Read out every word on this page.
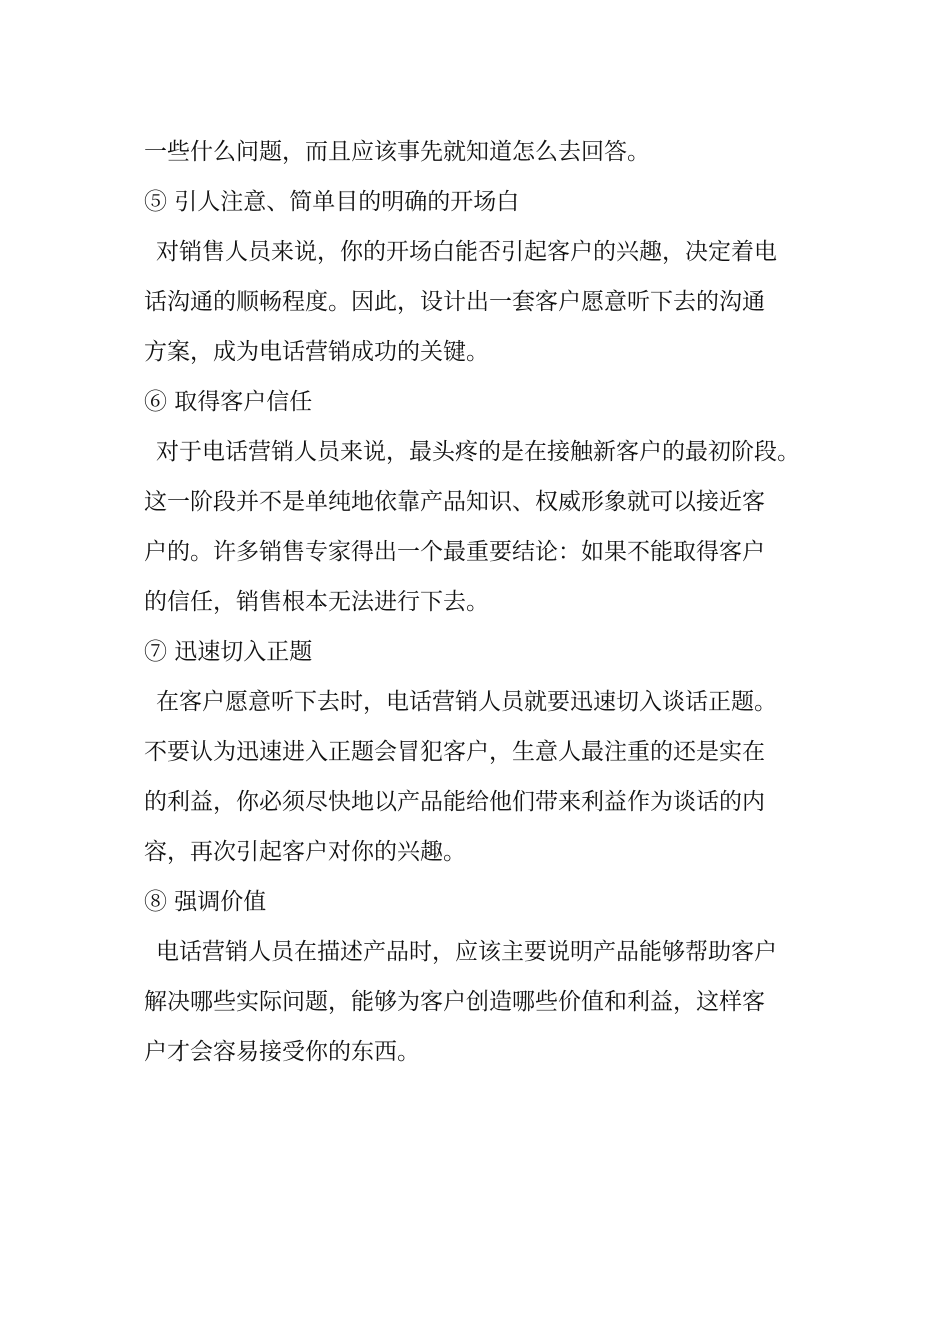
一些什么问题，而且应该事先就知道怎么去回答。
⑤ 引人注意、简单目的明确的开场白
对销售人员来说，你的开场白能否引起客户的兴趣，决定着电
话沟通的顺畅程度。因此，设计出一套客户愿意听下去的沟通
方案，成为电话营销成功的关键。
⑥ 取得客户信任
对于电话营销人员来说，最头疼的是在接触新客户的最初阶段。
这一阶段并不是单纯地依靠产品知识、权威形象就可以接近客
户的。许多销售专家得出一个最重要结论：如果不能取得客户
的信任，销售根本无法进行下去。
⑦ 迅速切入正题
在客户愿意听下去时，电话营销人员就要迅速切入谈话正题。
不要认为迅速进入正题会冒犯客户，生意人最注重的还是实在
的利益，你必须尽快地以产品能给他们带来利益作为谈话的内
容，再次引起客户对你的兴趣。
⑧ 强调价值
电话营销人员在描述产品时，应该主要说明产品能够帮助客户
解决哪些实际问题，能够为客户创造哪些价值和利益，这样客
户才会容易接受你的东西。
